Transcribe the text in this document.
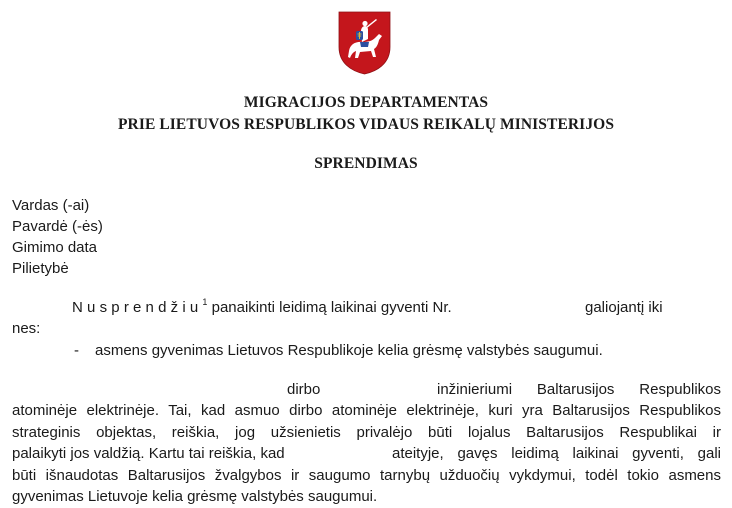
MIGRACIJOS DEPARTAMENTAS
PRIE LIETUVOS RESPUBLIKOS VIDAUS REIKALŲ MINISTERIJOS
SPRENDIMAS
Vardas (-ai)
Pavardė (-ės)
Gimimo data
Pilietybė
Nusprendžiu$^1$ panaikinti leidimą laikinai gyventi Nr.	galiojantį iki
nes:
- asmens gyvenimas Lietuvos Respublikoje kelia grėsmę valstybės saugumui.
dirbo	inžinieriumi Baltarusijos Respublikos
atominėje elektrinėje. Tai, kad asmuo dirbo atominėje elektrinėje, kuri yra Baltarusijos Respublikos
strateginis objektas, reiškia, jog užsienietis privalėjo būti lojalus Baltarusijos Respublikai ir
palaikyti jos valdžią. Kartu tai reiškia, kad	ateityje, gavęs leidimą laikinai gyventi, gali
būti išnaudotas Baltarusijos žvalgybos ir saugumo tarnybų užduočių vykdymui, todėl tokio asmens
gyvenimas Lietuvoje kelia grėsmę valstybės saugumui.
